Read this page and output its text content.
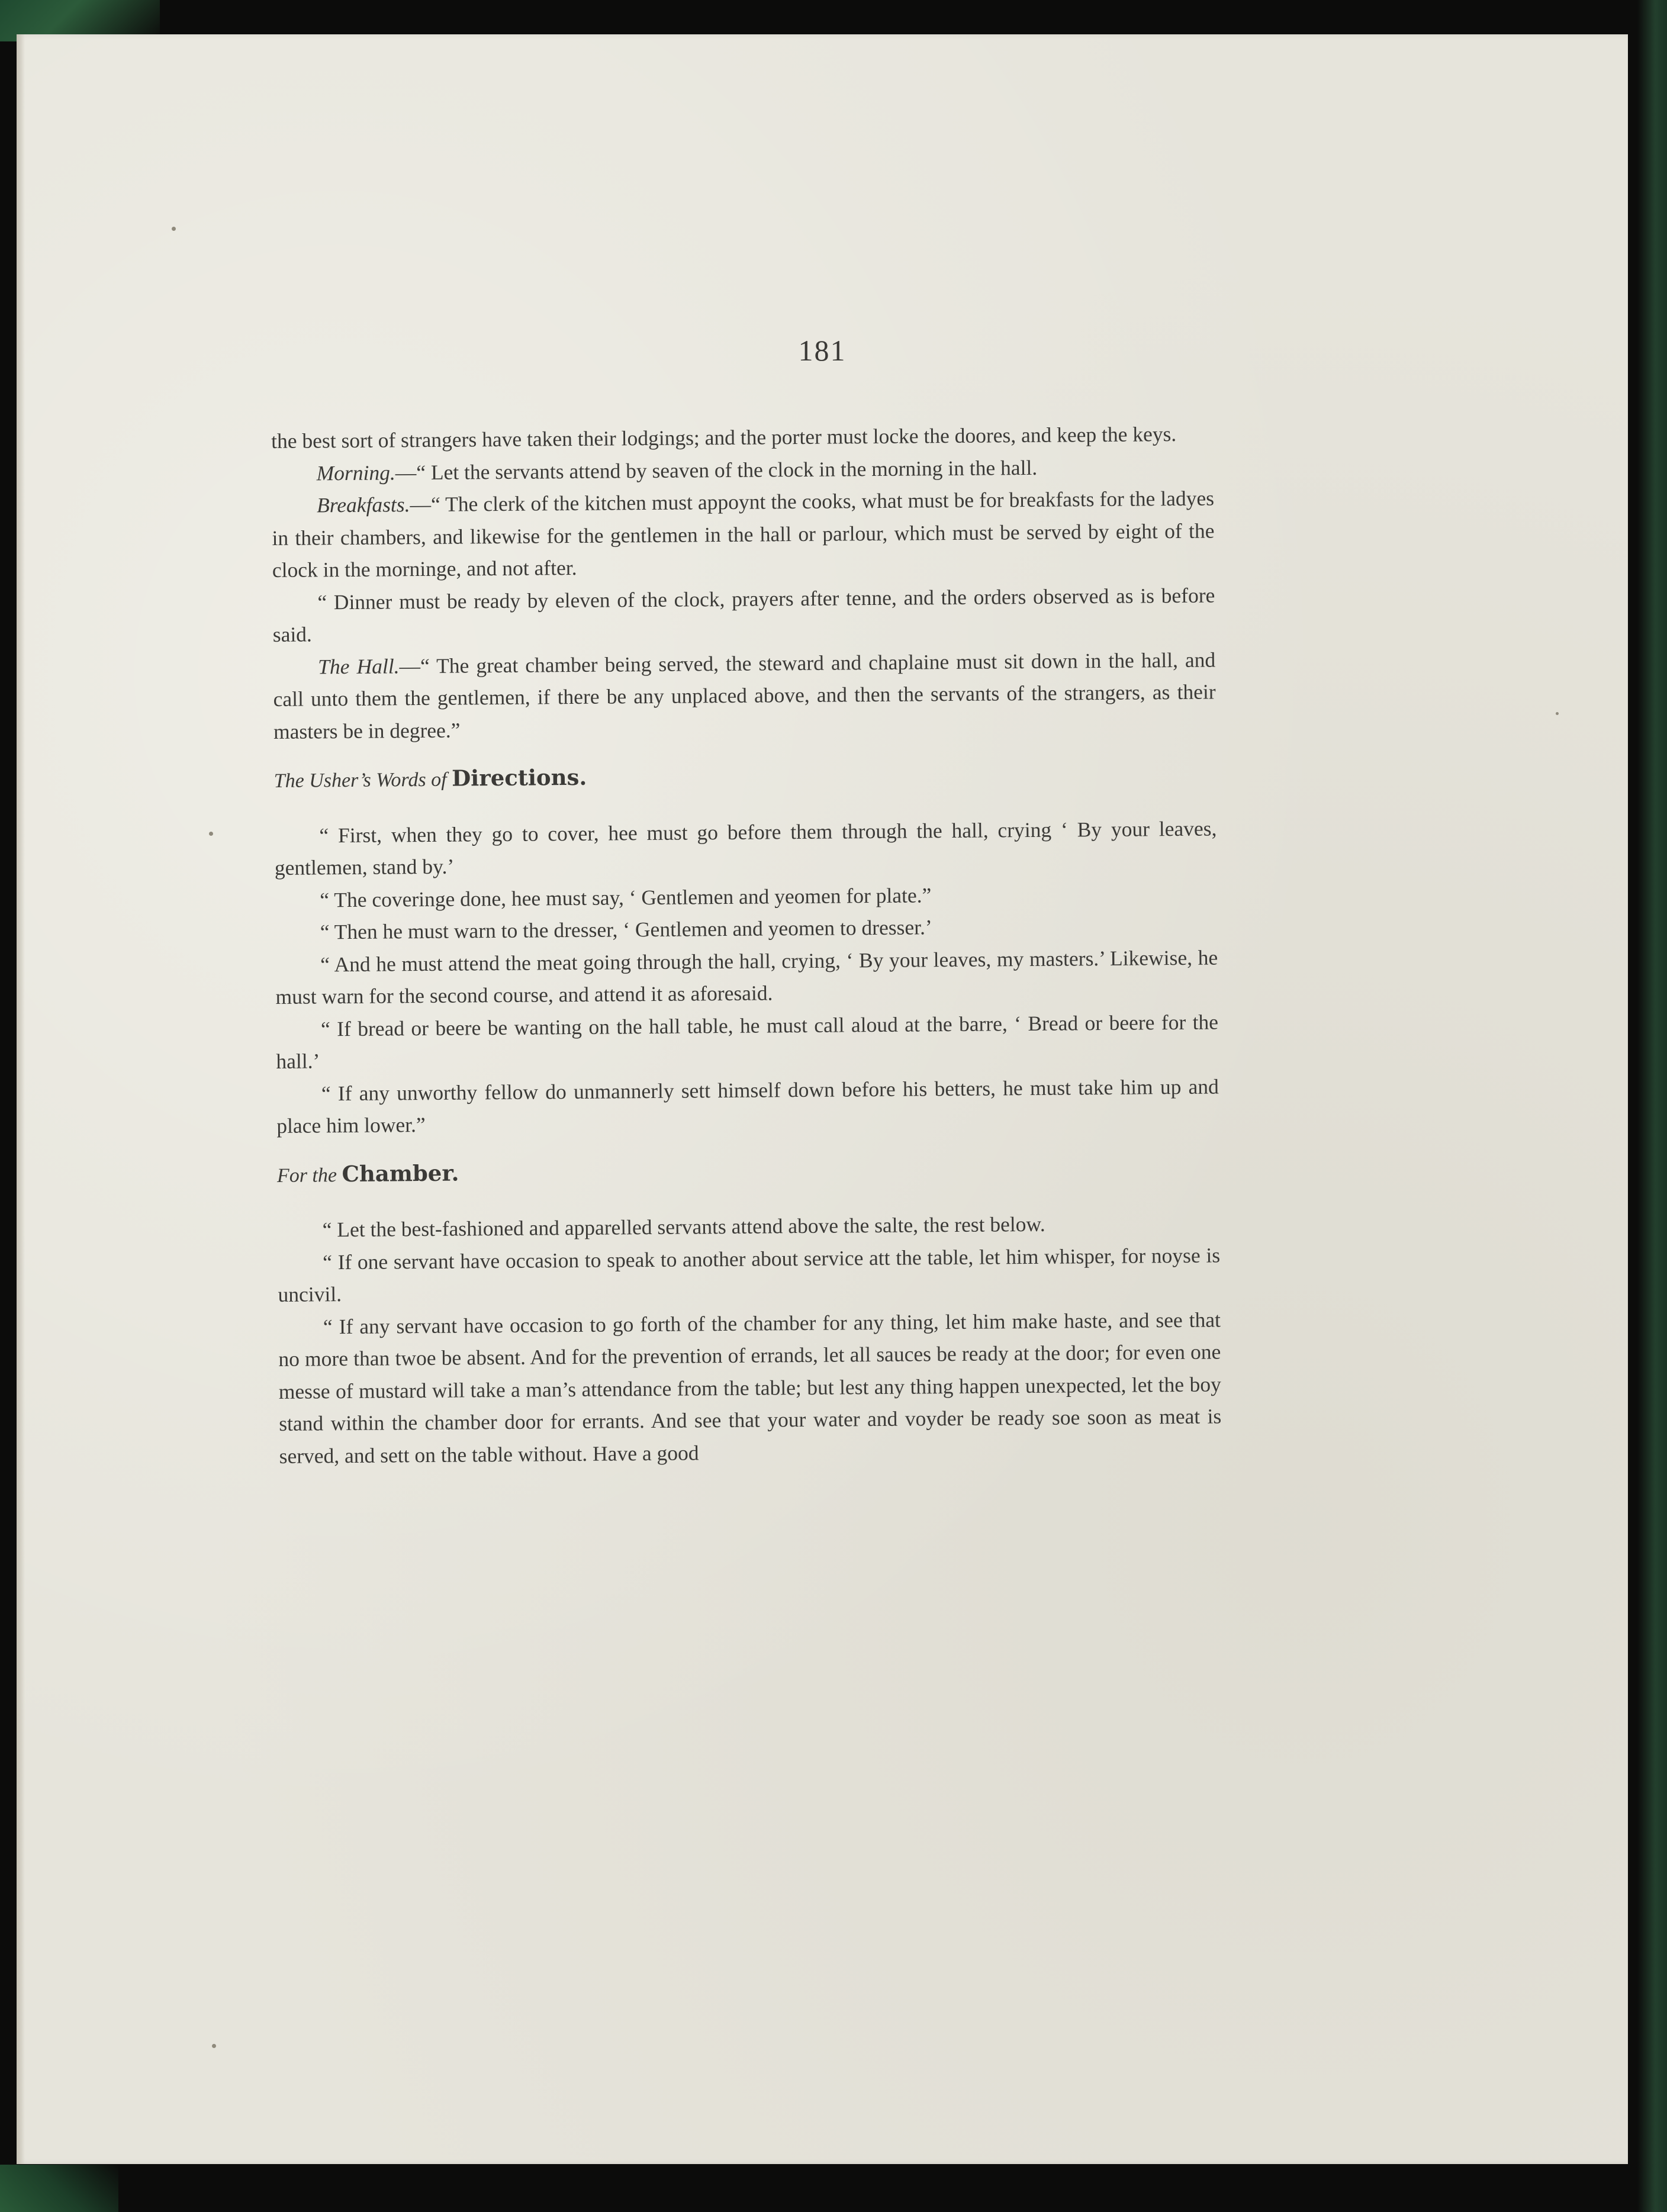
181

the best sort of strangers have taken their lodgings; and the porter must locke the doores, and keep the keys.

Morning.—“ Let the servants attend by seaven of the clock in the morning in the hall.

Breakfasts.—“ The clerk of the kitchen must appoynt the cooks, what must be for breakfasts for the ladyes in their chambers, and likewise for the gentlemen in the hall or parlour, which must be served by eight of the clock in the morninge, and not after.

“ Dinner must be ready by eleven of the clock, prayers after tenne, and the orders observed as is before said.

The Hall.—“ The great chamber being served, the steward and chaplaine must sit down in the hall, and call unto them the gentlemen, if there be any unplaced above, and then the servants of the strangers, as their masters be in degree.”

The Usher’s Words of Directions.

“ First, when they go to cover, hee must go before them through the hall, crying ‘ By your leaves, gentlemen, stand by.’

“ The coveringe done, hee must say, ‘ Gentlemen and yeomen for plate.”

“ Then he must warn to the dresser, ‘ Gentlemen and yeomen to dresser.’

“ And he must attend the meat going through the hall, crying, ‘ By your leaves, my masters.’ Likewise, he must warn for the second course, and attend it as aforesaid.

“ If bread or beere be wanting on the hall table, he must call aloud at the barre, ‘ Bread or beere for the hall.’

“ If any unworthy fellow do unmannerly sett himself down before his betters, he must take him up and place him lower.”

For the Chamber.

“ Let the best-fashioned and apparelled servants attend above the salte, the rest below.

“ If one servant have occasion to speak to another about service att the table, let him whisper, for noyse is uncivil.

“ If any servant have occasion to go forth of the chamber for any thing, let him make haste, and see that no more than twoe be absent. And for the prevention of errands, let all sauces be ready at the door; for even one messe of mustard will take a man’s attendance from the table; but lest any thing happen unexpected, let the boy stand within the chamber door for errants. And see that your water and voyder be ready soe soon as meat is served, and sett on the table without. Have a good
